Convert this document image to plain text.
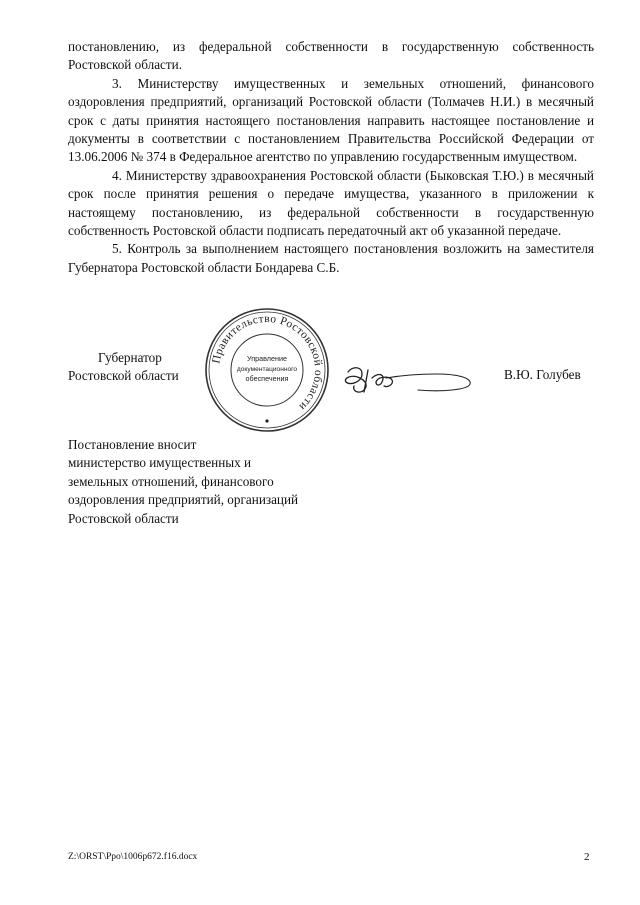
постановлению, из федеральной собственности в государственную собственность Ростовской области.

3. Министерству имущественных и земельных отношений, финансового оздоровления предприятий, организаций Ростовской области (Толмачев Н.И.) в месячный срок с даты принятия настоящего постановления направить настоящее постановление и документы в соответствии с постановлением Правительства Российской Федерации от 13.06.2006 № 374 в Федеральное агентство по управлению государственным имуществом.

4. Министерству здравоохранения Ростовской области (Быковская Т.Ю.) в месячный срок после принятия решения о передаче имущества, указанного в приложении к настоящему постановлению, из федеральной собственности в государственную собственность Ростовской области подписать передаточный акт об указанной передаче.

5. Контроль за выполнением настоящего постановления возложить на заместителя Губернатора Ростовской области Бондарева С.Б.

Губернатор
Ростовской области
Правительство Ростовской области
Управление
документационного
обеспечения	В.Ю. Голубев
Постановление вносит
министерство имущественных и
земельных отношений, финансового
оздоровления предприятий, организаций
Ростовской области
Z:\ORST\Ppo\1006p672.f16.docx	2
